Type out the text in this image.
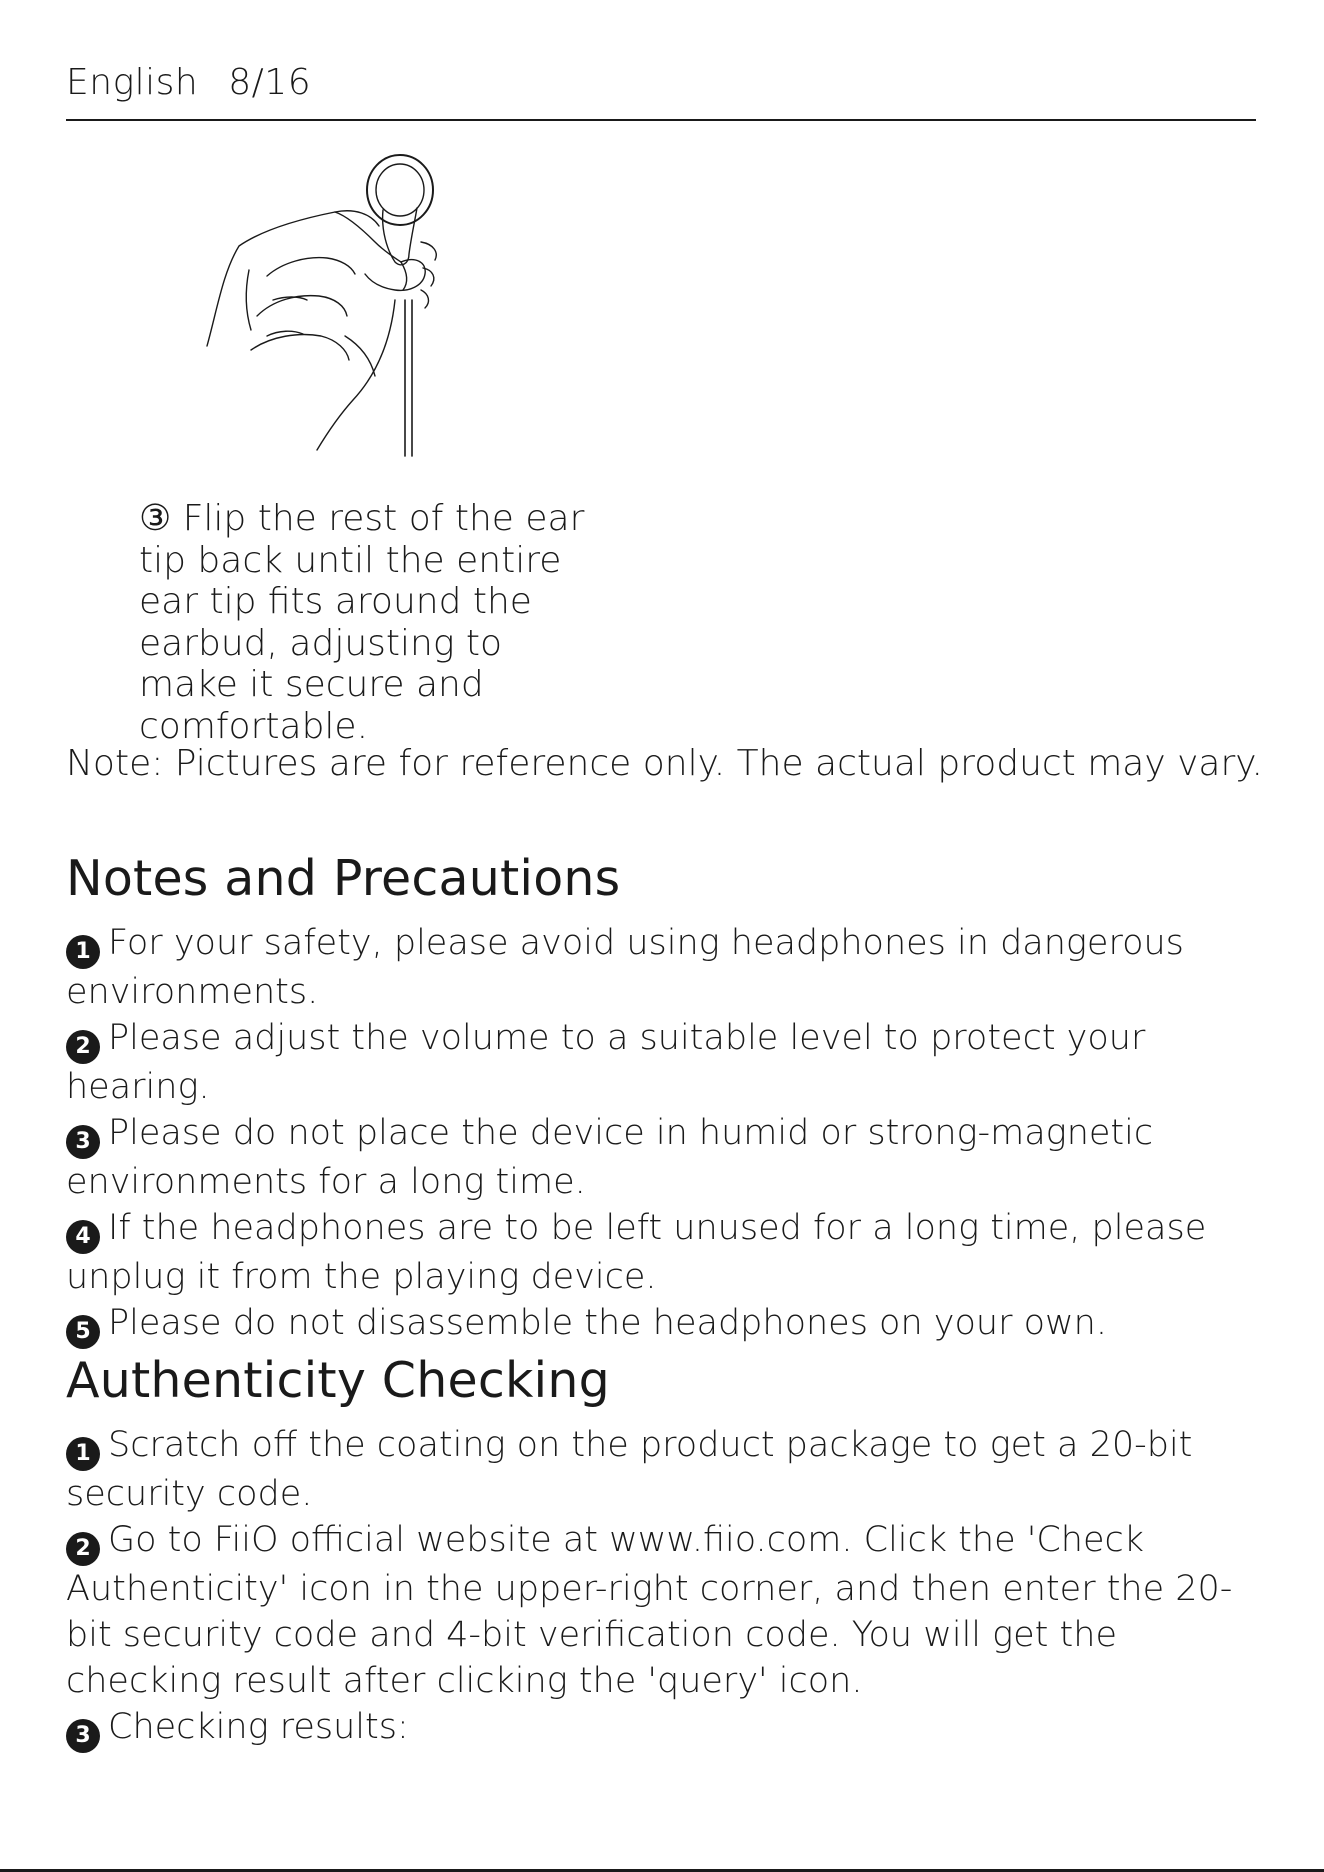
English 8/16
③ Flip the rest of the ear tip back until the entire ear tip fits around the earbud, adjusting to make it secure and comfortable.
Note: Pictures are for reference only. The actual product may vary.
Notes and Precautions

1 For your safety, please avoid using headphones in dangerous environments.

2 Please adjust the volume to a suitable level to protect your hearing.

3 Please do not place the device in humid or strong-magnetic environments for a long time.

4 If the headphones are to be left unused for a long time, please unplug it from the playing device.

5 Please do not disassemble the headphones on your own.

Authenticity Checking

1 Scratch off the coating on the product package to get a 20-bit security code.

2 Go to FiiO official website at www.fiio.com. Click the 'Check Authenticity' icon in the upper-right corner, and then enter the 20-bit security code and 4-bit verification code. You will get the checking result after clicking the 'query' icon.

3 Checking results:
